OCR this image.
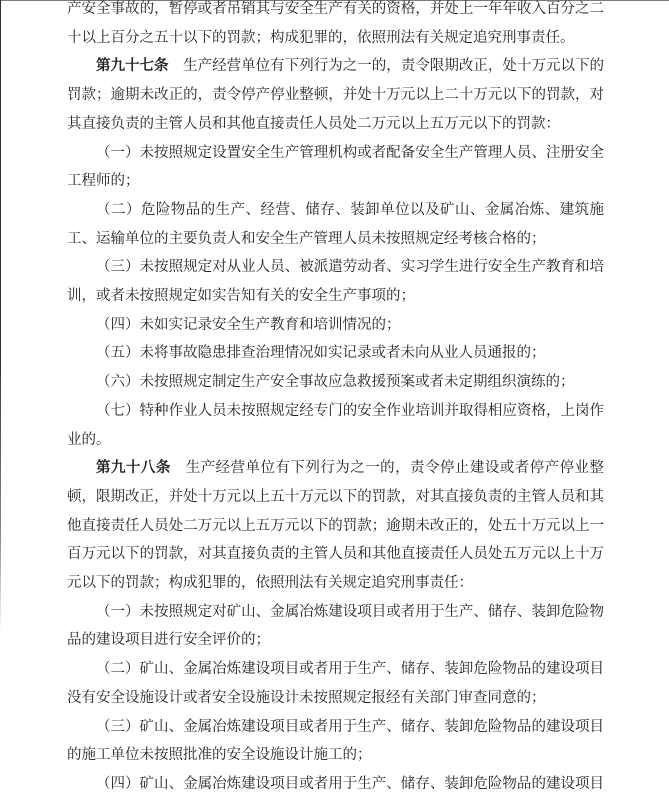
产安全事故的，暂停或者吊销其与安全生产有关的资格，并处上一年年收入百分之二
十以上百分之五十以下的罚款；构成犯罪的，依照刑法有关规定追究刑事责任。
第九十七条　生产经营单位有下列行为之一的，责令限期改正，处十万元以下的
罚款；逾期未改正的，责令停产停业整顿，并处十万元以上二十万元以下的罚款，对
其直接负责的主管人员和其他直接责任人员处二万元以上五万元以下的罚款：
（一）未按照规定设置安全生产管理机构或者配备安全生产管理人员、注册安全
工程师的；
（二）危险物品的生产、经营、储存、装卸单位以及矿山、金属冶炼、建筑施
工、运输单位的主要负责人和安全生产管理人员未按照规定经考核合格的；
（三）未按照规定对从业人员、被派遣劳动者、实习学生进行安全生产教育和培
训，或者未按照规定如实告知有关的安全生产事项的；
（四）未如实记录安全生产教育和培训情况的；
（五）未将事故隐患排查治理情况如实记录或者未向从业人员通报的；
（六）未按照规定制定生产安全事故应急救援预案或者未定期组织演练的；
（七）特种作业人员未按照规定经专门的安全作业培训并取得相应资格，上岗作
业的。
第九十八条　生产经营单位有下列行为之一的，责令停止建设或者停产停业整
顿，限期改正，并处十万元以上五十万元以下的罚款，对其直接负责的主管人员和其
他直接责任人员处二万元以上五万元以下的罚款；逾期未改正的，处五十万元以上一
百万元以下的罚款，对其直接负责的主管人员和其他直接责任人员处五万元以上十万
元以下的罚款；构成犯罪的，依照刑法有关规定追究刑事责任：
（一）未按照规定对矿山、金属冶炼建设项目或者用于生产、储存、装卸危险物
品的建设项目进行安全评价的；
（二）矿山、金属冶炼建设项目或者用于生产、储存、装卸危险物品的建设项目
没有安全设施设计或者安全设施设计未按照规定报经有关部门审查同意的；
（三）矿山、金属冶炼建设项目或者用于生产、储存、装卸危险物品的建设项目
的施工单位未按照批准的安全设施设计施工的；
（四）矿山、金属冶炼建设项目或者用于生产、储存、装卸危险物品的建设项目
